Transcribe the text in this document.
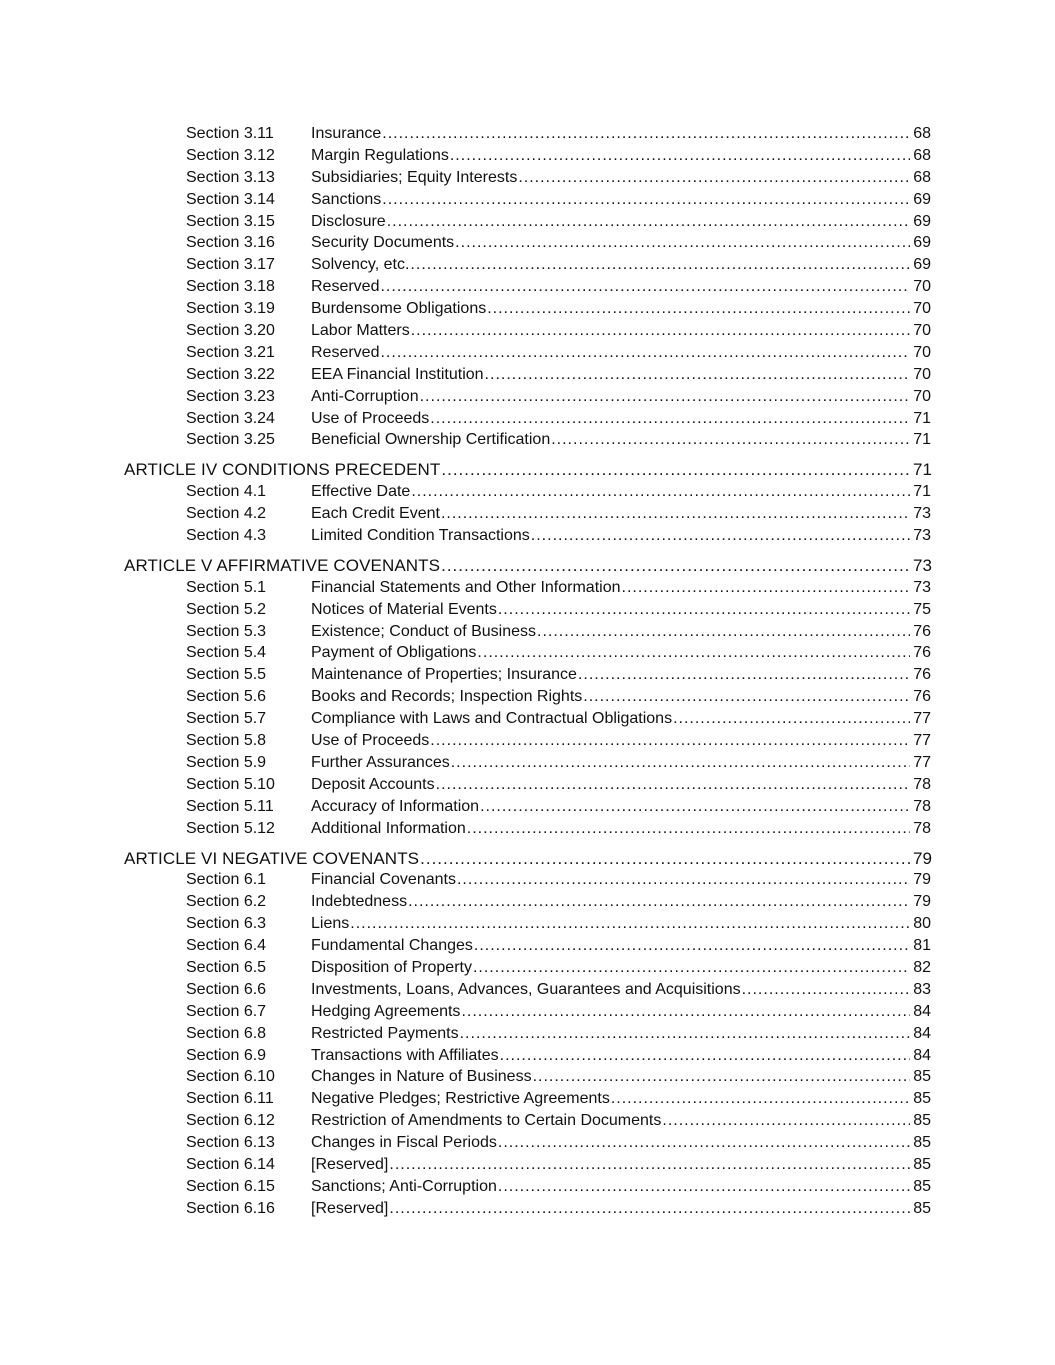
Section 3.11	Insurance .....	68
Section 3.12	Margin Regulations .....	68
Section 3.13	Subsidiaries; Equity Interests .....	68
Section 3.14	Sanctions .....	69
Section 3.15	Disclosure .....	69
Section 3.16	Security Documents .....	69
Section 3.17	Solvency, etc. .....	69
Section 3.18	Reserved .....	70
Section 3.19	Burdensome Obligations .....	70
Section 3.20	Labor Matters .....	70
Section 3.21	Reserved .....	70
Section 3.22	EEA Financial Institution .....	70
Section 3.23	Anti-Corruption .....	70
Section 3.24	Use of Proceeds .....	71
Section 3.25	Beneficial Ownership Certification .....	71
ARTICLE IV CONDITIONS PRECEDENT .....	71
Section 4.1	Effective Date .....	71
Section 4.2	Each Credit Event .....	73
Section 4.3	Limited Condition Transactions .....	73
ARTICLE V AFFIRMATIVE COVENANTS .....	73
Section 5.1	Financial Statements and Other Information .....	73
Section 5.2	Notices of Material Events .....	75
Section 5.3	Existence; Conduct of Business .....	76
Section 5.4	Payment of Obligations .....	76
Section 5.5	Maintenance of Properties; Insurance .....	76
Section 5.6	Books and Records; Inspection Rights .....	76
Section 5.7	Compliance with Laws and Contractual Obligations .....	77
Section 5.8	Use of Proceeds .....	77
Section 5.9	Further Assurances .....	77
Section 5.10	Deposit Accounts .....	78
Section 5.11	Accuracy of Information .....	78
Section 5.12	Additional Information .....	78
ARTICLE VI NEGATIVE COVENANTS .....	79
Section 6.1	Financial Covenants .....	79
Section 6.2	Indebtedness .....	79
Section 6.3	Liens .....	80
Section 6.4	Fundamental Changes .....	81
Section 6.5	Disposition of Property .....	82
Section 6.6	Investments, Loans, Advances, Guarantees and Acquisitions .....	83
Section 6.7	Hedging Agreements .....	84
Section 6.8	Restricted Payments .....	84
Section 6.9	Transactions with Affiliates .....	84
Section 6.10	Changes in Nature of Business .....	85
Section 6.11	Negative Pledges; Restrictive Agreements .....	85
Section 6.12	Restriction of Amendments to Certain Documents .....	85
Section 6.13	Changes in Fiscal Periods .....	85
Section 6.14	[Reserved] .....	85
Section 6.15	Sanctions; Anti-Corruption .....	85
Section 6.16	[Reserved] .....	85
